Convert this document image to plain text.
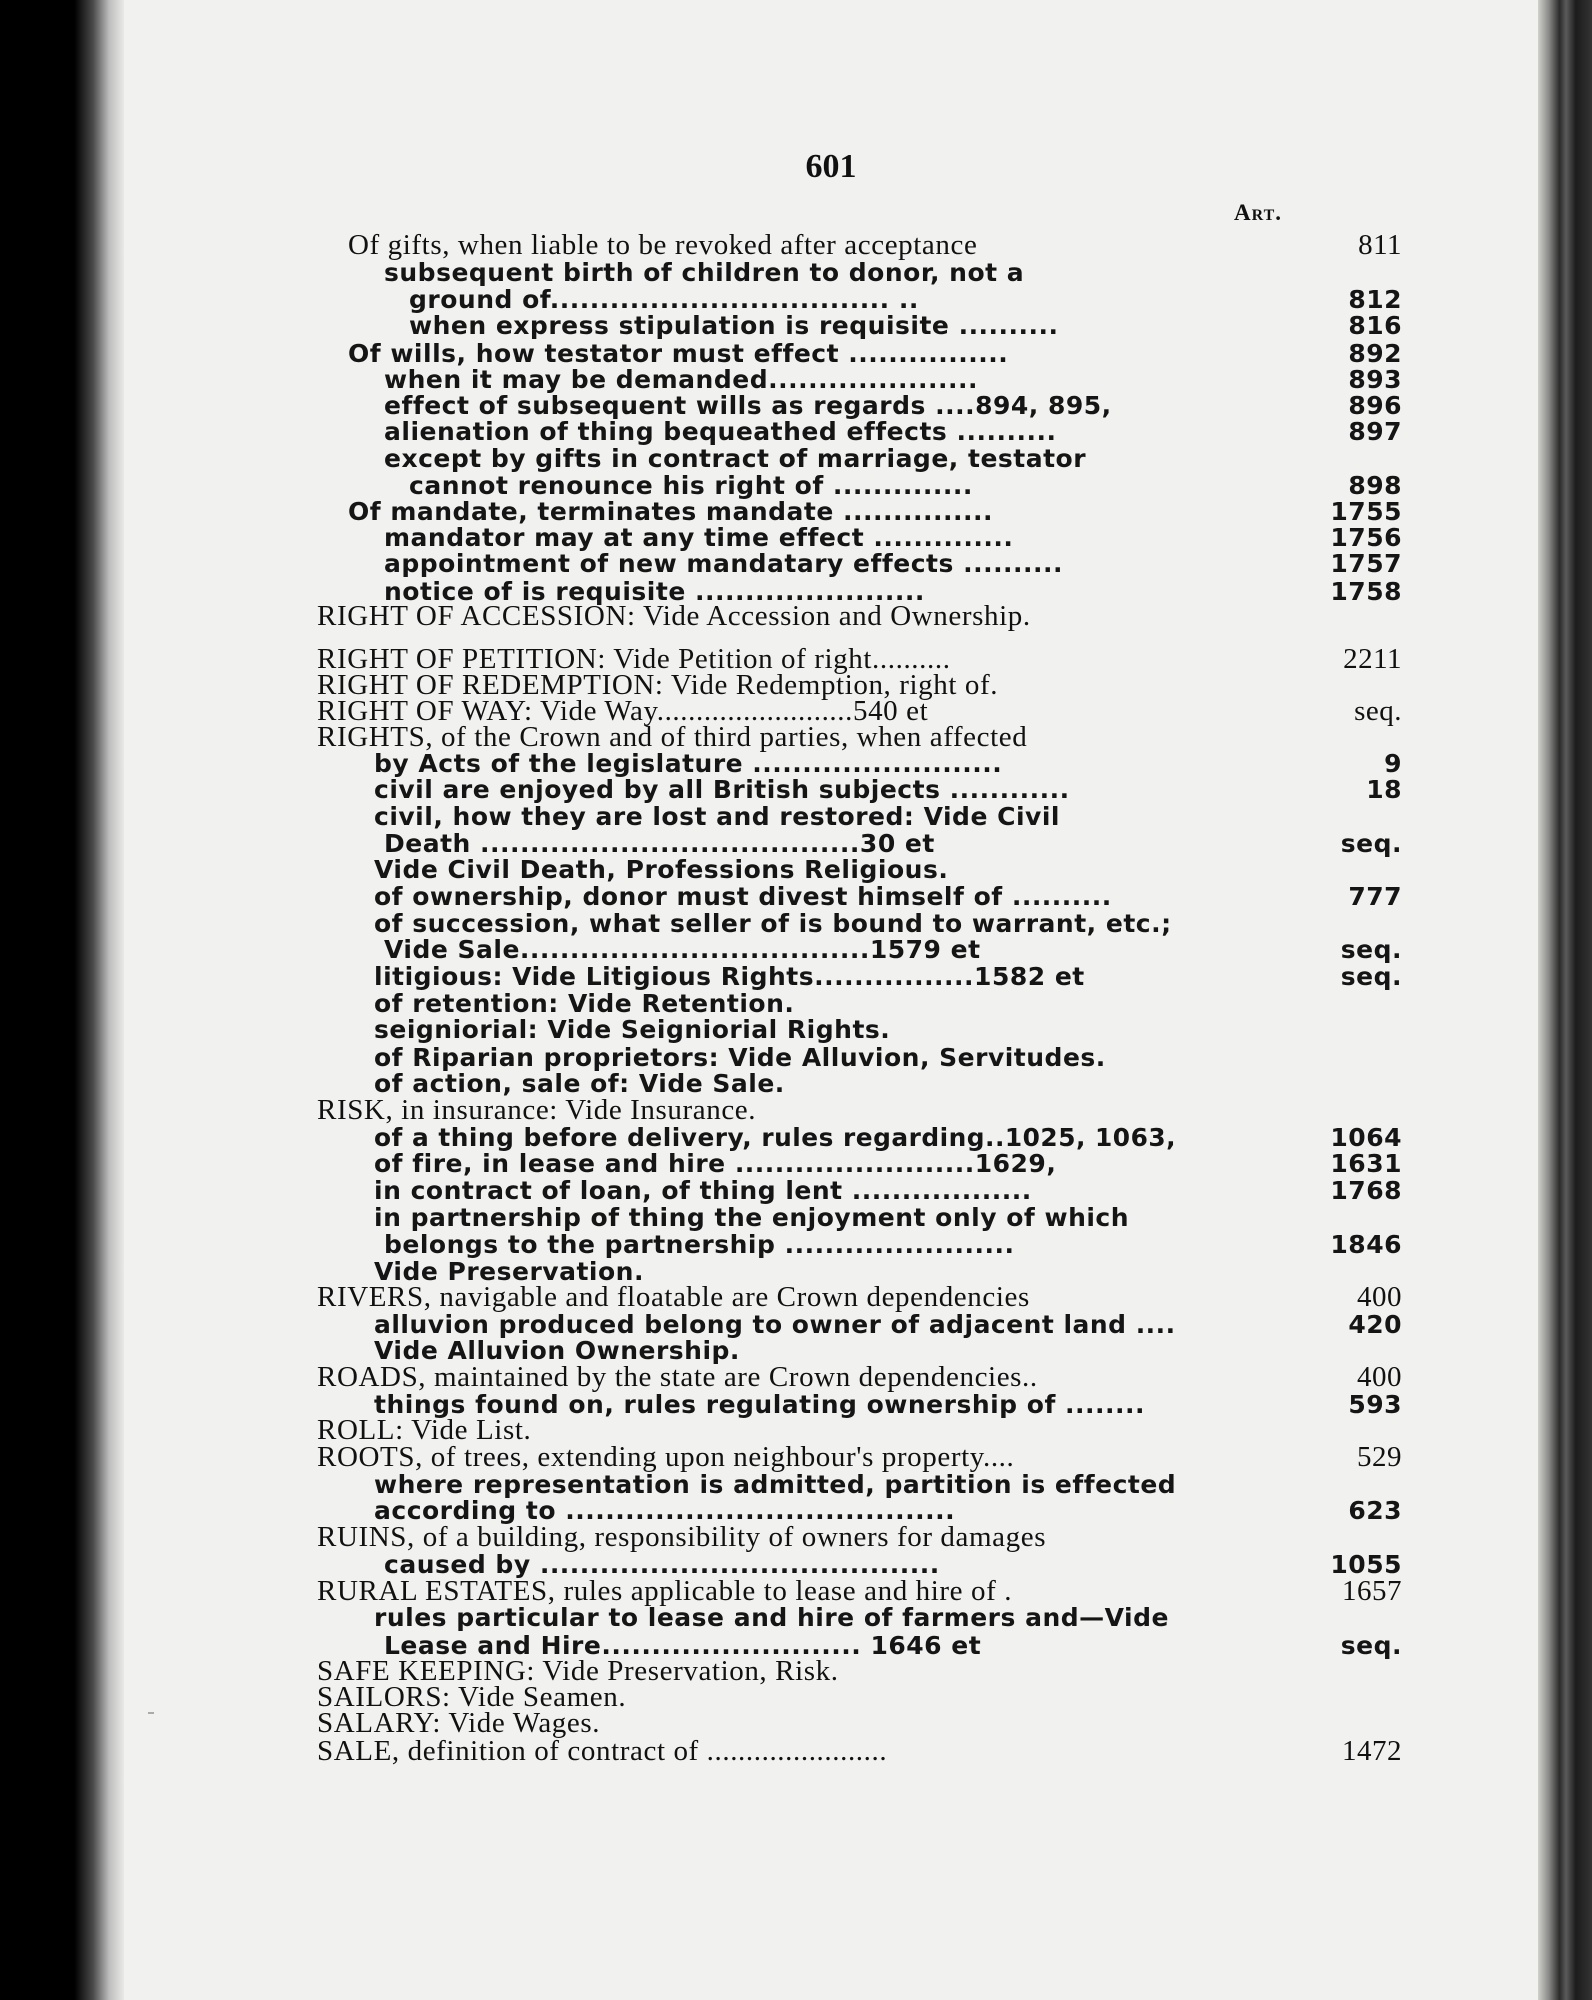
601
Art.
Of gifts, when liable to be revoked after acceptance	811
subsequent birth of children to donor, not a
ground of.................................. ..	812
when express stipulation is requisite ..........	816
Of wills, how testator must effect ................	892
when it may be demanded.....................	893
effect of subsequent wills as regards ....894, 895,	896
alienation of thing bequeathed effects ..........	897
except by gifts in contract of marriage, testator
cannot renounce his right of ..............	898
Of mandate, terminates mandate ...............	1755
mandator may at any time effect ..............	1756
appointment of new mandatary effects ..........	1757
notice of is requisite .......................	1758
RIGHT OF ACCESSION: Vide Accession and Ownership.
RIGHT OF PETITION: Vide Petition of right..........	2211
RIGHT OF REDEMPTION: Vide Redemption, right of.
RIGHT OF WAY: Vide Way.........................540 et	seq.
RIGHTS, of the Crown and of third parties, when affected
by Acts of the legislature .........................	9
civil are enjoyed by all British subjects ............	18
civil, how they are lost and restored: Vide Civil
Death ......................................30 et	seq.
Vide Civil Death, Professions Religious.
of ownership, donor must divest himself of ..........	777
of succession, what seller of is bound to warrant, etc.;
Vide Sale...................................1579 et	seq.
litigious: Vide Litigious Rights................1582 et	seq.
of retention: Vide Retention.
seigniorial: Vide Seigniorial Rights.
of Riparian proprietors: Vide Alluvion, Servitudes.
of action, sale of: Vide Sale.
RISK, in insurance: Vide Insurance.
of a thing before delivery, rules regarding..1025, 1063,	1064
of fire, in lease and hire ........................1629,	1631
in contract of loan, of thing lent ..................	1768
in partnership of thing the enjoyment only of which
belongs to the partnership .......................	1846
Vide Preservation.
RIVERS, navigable and floatable are Crown dependencies	400
alluvion produced belong to owner of adjacent land ....	420
Vide Alluvion Ownership.
ROADS, maintained by the state are Crown dependencies..	400
things found on, rules regulating ownership of ........	593
ROLL: Vide List.
ROOTS, of trees, extending upon neighbour's property....	529
where representation is admitted, partition is effected
according to .......................................	623
RUINS, of a building, responsibility of owners for damages
caused by ........................................	1055
RURAL ESTATES, rules applicable to lease and hire of .	1657
rules particular to lease and hire of farmers and—Vide
Lease and Hire.......................... 1646 et	seq.
SAFE KEEPING: Vide Preservation, Risk.
SAILORS: Vide Seamen.
SALARY: Vide Wages.
SALE, definition of contract of .......................	1472
